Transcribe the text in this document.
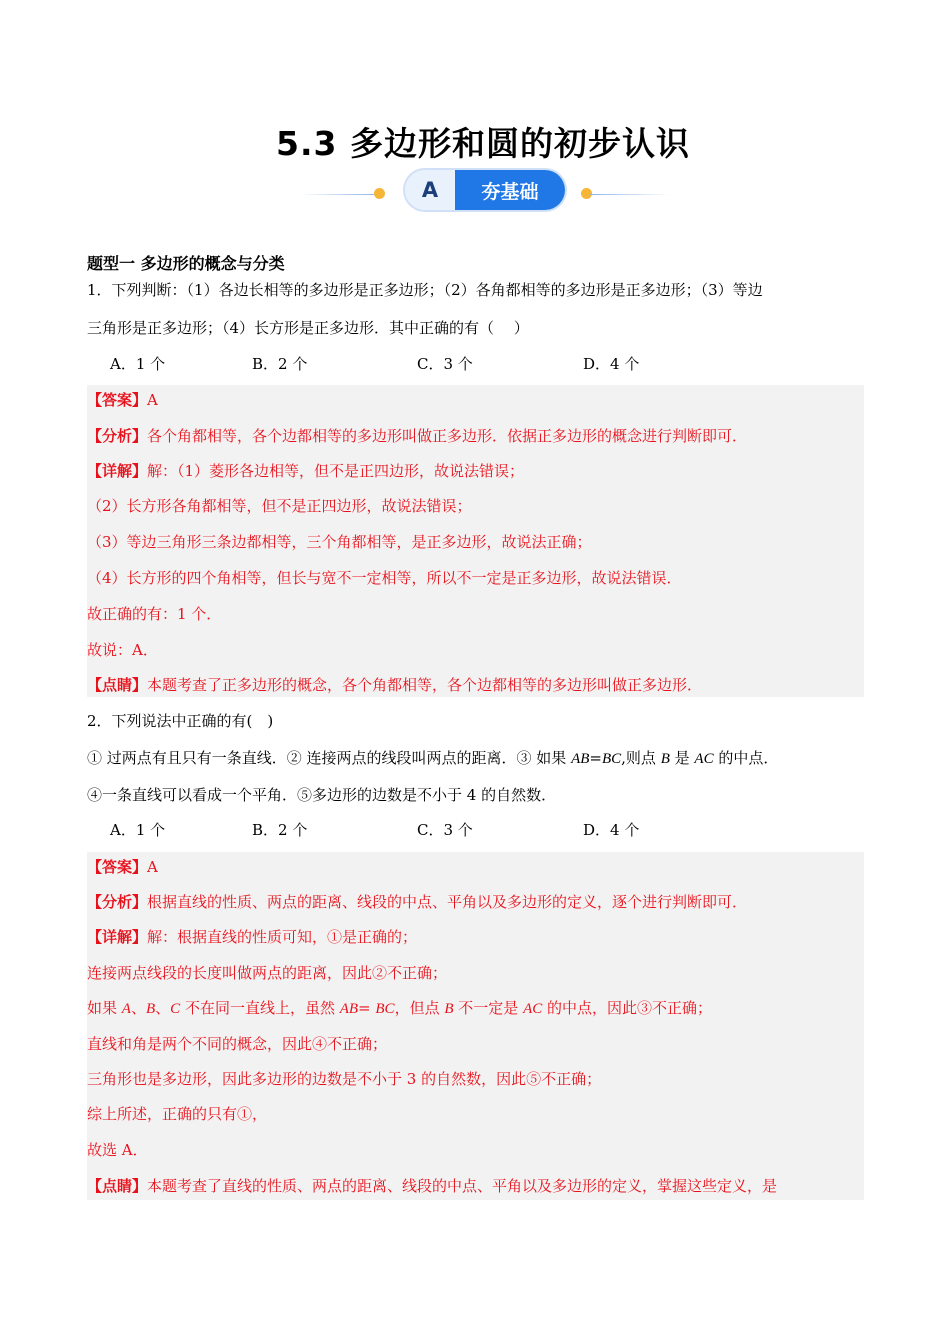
5.3 多边形和圆的初步认识
A	夯基础
题型一 多边形的概念与分类
1．下列判断：（1）各边长相等的多边形是正多边形；（2）各角都相等的多边形是正多边形；（3）等边
三角形是正多边形；（4）长方形是正多边形．其中正确的有（　 ）
A．1 个	B．2 个	C．3 个	D．4 个
【答案】A
【分析】各个角都相等，各个边都相等的多边形叫做正多边形．依据正多边形的概念进行判断即可．
【详解】解：（1）菱形各边相等，但不是正四边形，故说法错误；
（2）长方形各角都相等，但不是正四边形，故说法错误；
（3）等边三角形三条边都相等，三个角都相等，是正多边形，故说法正确；
（4）长方形的四个角相等，但长与宽不一定相等，所以不一定是正多边形，故说法错误．
故正确的有：1 个．
故说：A．
【点睛】本题考查了正多边形的概念，各个角都相等，各个边都相等的多边形叫做正多边形．
2．下列说法中正确的有(　)
① 过两点有且只有一条直线．② 连接两点的线段叫两点的距离．③ 如果 AB=BC,则点 B 是 AC 的中点．
④一条直线可以看成一个平角．⑤多边形的边数是不小于 4 的自然数．
A．1 个	B．2 个	C．3 个	D．4 个
【答案】A
【分析】根据直线的性质、两点的距离、线段的中点、平角以及多边形的定义，逐个进行判断即可．
【详解】解：根据直线的性质可知，①是正确的；
连接两点线段的长度叫做两点的距离，因此②不正确；
如果 A、B、C 不在同一直线上，虽然 AB= BC，但点 B 不一定是 AC 的中点，因此③不正确；
直线和角是两个不同的概念，因此④不正确；
三角形也是多边形，因此多边形的边数是不小于 3 的自然数，因此⑤不正确；
综上所述，正确的只有①，
故选 A．
【点睛】本题考查了直线的性质、两点的距离、线段的中点、平角以及多边形的定义，掌握这些定义，是
